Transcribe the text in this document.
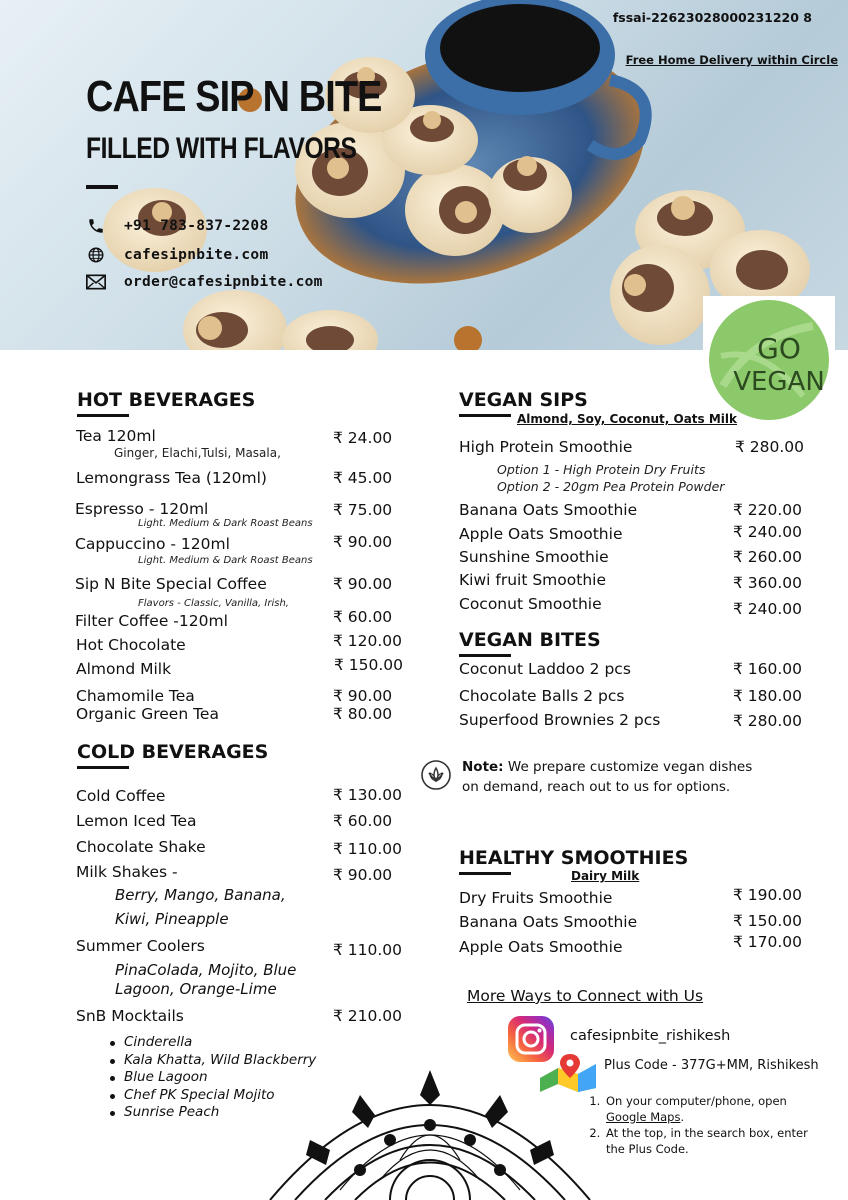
CAFE SIP N BITE
FILLED WITH FLAVORS
+91 783-837-2208
cafesipnbite.com
order@cafesipnbite.com
fssai-22623028000231220 8
Free Home Delivery within Circle
GO
VEGAN
HOT BEVERAGES
Tea 120ml	₹ 24.00
Ginger, Elachi,Tulsi, Masala,
Lemongrass Tea (120ml)	₹ 45.00
Espresso - 120ml	₹ 75.00
Light. Medium & Dark Roast Beans
Cappuccino - 120ml	₹ 90.00
Light. Medium & Dark Roast Beans
Sip N Bite Special Coffee	₹ 90.00
Flavors - Classic, Vanilla, Irish,
Filter Coffee -120ml	₹ 60.00
Hot Chocolate	₹ 120.00
Almond Milk	₹ 150.00
Chamomile Tea	₹ 90.00
Organic Green Tea	₹ 80.00
COLD BEVERAGES
Cold Coffee	₹ 130.00
Lemon Iced Tea	₹ 60.00
Chocolate Shake	₹ 110.00
Milk Shakes -	₹ 90.00
Berry, Mango, Banana,
Kiwi, Pineapple
Summer Coolers	₹ 110.00
PinaColada, Mojito, Blue
Lagoon, Orange-Lime
SnB Mocktails	₹ 210.00
Cinderella
Kala Khatta, Wild Blackberry
Blue Lagoon
Chef PK Special Mojito
Sunrise Peach
VEGAN SIPS
Almond, Soy, Coconut, Oats Milk
High Protein Smoothie	₹ 280.00
Option 1 - High Protein Dry Fruits
Option 2 - 20gm Pea Protein Powder
Banana Oats Smoothie	₹ 220.00
Apple Oats Smoothie	₹ 240.00
Sunshine Smoothie	₹ 260.00
Kiwi fruit Smoothie	₹ 360.00
Coconut Smoothie	₹ 240.00
VEGAN BITES
Coconut Laddoo 2 pcs	₹ 160.00
Chocolate Balls 2 pcs	₹ 180.00
Superfood Brownies 2 pcs	₹ 280.00
Note: We prepare customize vegan dishes on demand, reach out to us for options.
HEALTHY SMOOTHIES
Dairy Milk
Dry Fruits Smoothie	₹ 190.00
Banana Oats Smoothie	₹ 150.00
Apple Oats Smoothie	₹ 170.00
More Ways to Connect with Us
cafesipnbite_rishikesh
Plus Code - 377G+MM, Rishikesh
1. On your computer/phone, open Google Maps.
2. At the top, in the search box, enter the Plus Code.
